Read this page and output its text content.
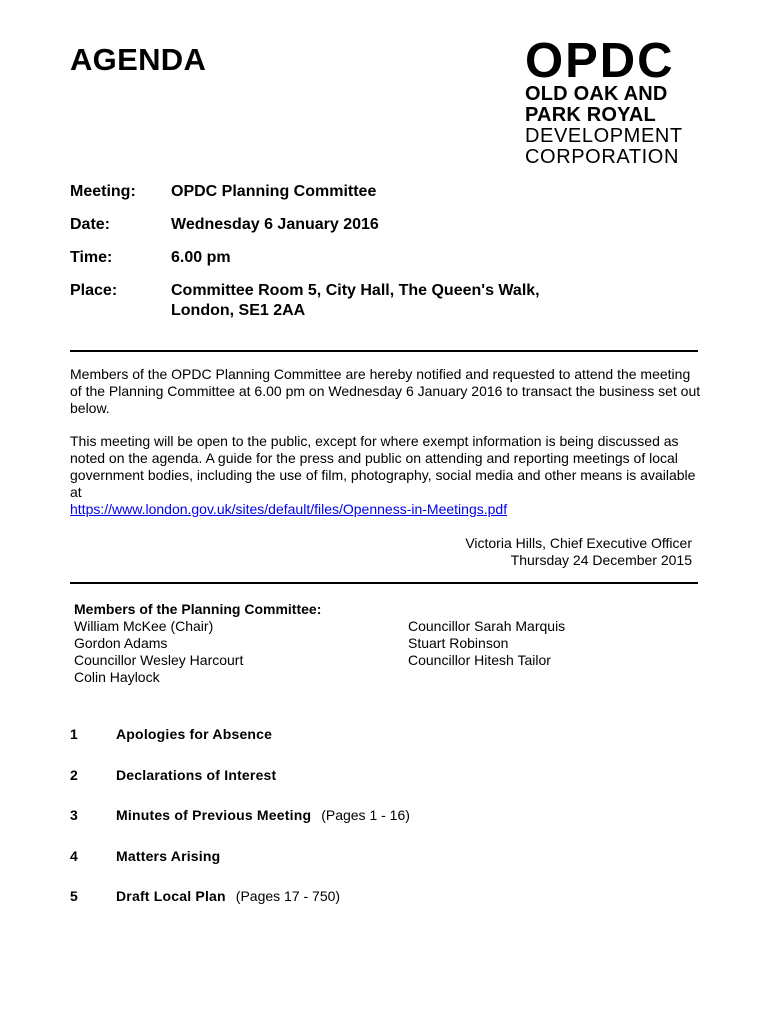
AGENDA	OPDC
OLD OAK AND
PARK ROYAL
DEVELOPMENT
CORPORATION
Meeting:	OPDC Planning Committee
Date:	Wednesday 6 January 2016
Time:	6.00 pm
Place:	Committee Room 5, City Hall, The Queen's Walk,
London, SE1 2AA

Members of the OPDC Planning Committee are hereby notified and requested to attend the meeting of the Planning Committee at 6.00 pm on Wednesday 6 January 2016 to transact the business set out below.

This meeting will be open to the public, except for where exempt information is being discussed as noted on the agenda. A guide for the press and public on attending and reporting meetings of local government bodies, including the use of film, photography, social media and other means is available at
https://www.london.gov.uk/sites/default/files/Openness-in-Meetings.pdf

Victoria Hills, Chief Executive Officer
Thursday 24 December 2015
Members of the Planning Committee:
William McKee (Chair)
Gordon Adams
Councillor Wesley Harcourt
Colin Haylock
Councillor Sarah Marquis
Stuart Robinson
Councillor Hitesh Tailor
1	Apologies for Absence
2	Declarations of Interest
3	Minutes of Previous Meeting (Pages 1 - 16)
4	Matters Arising
5	Draft Local Plan (Pages 17 - 750)
